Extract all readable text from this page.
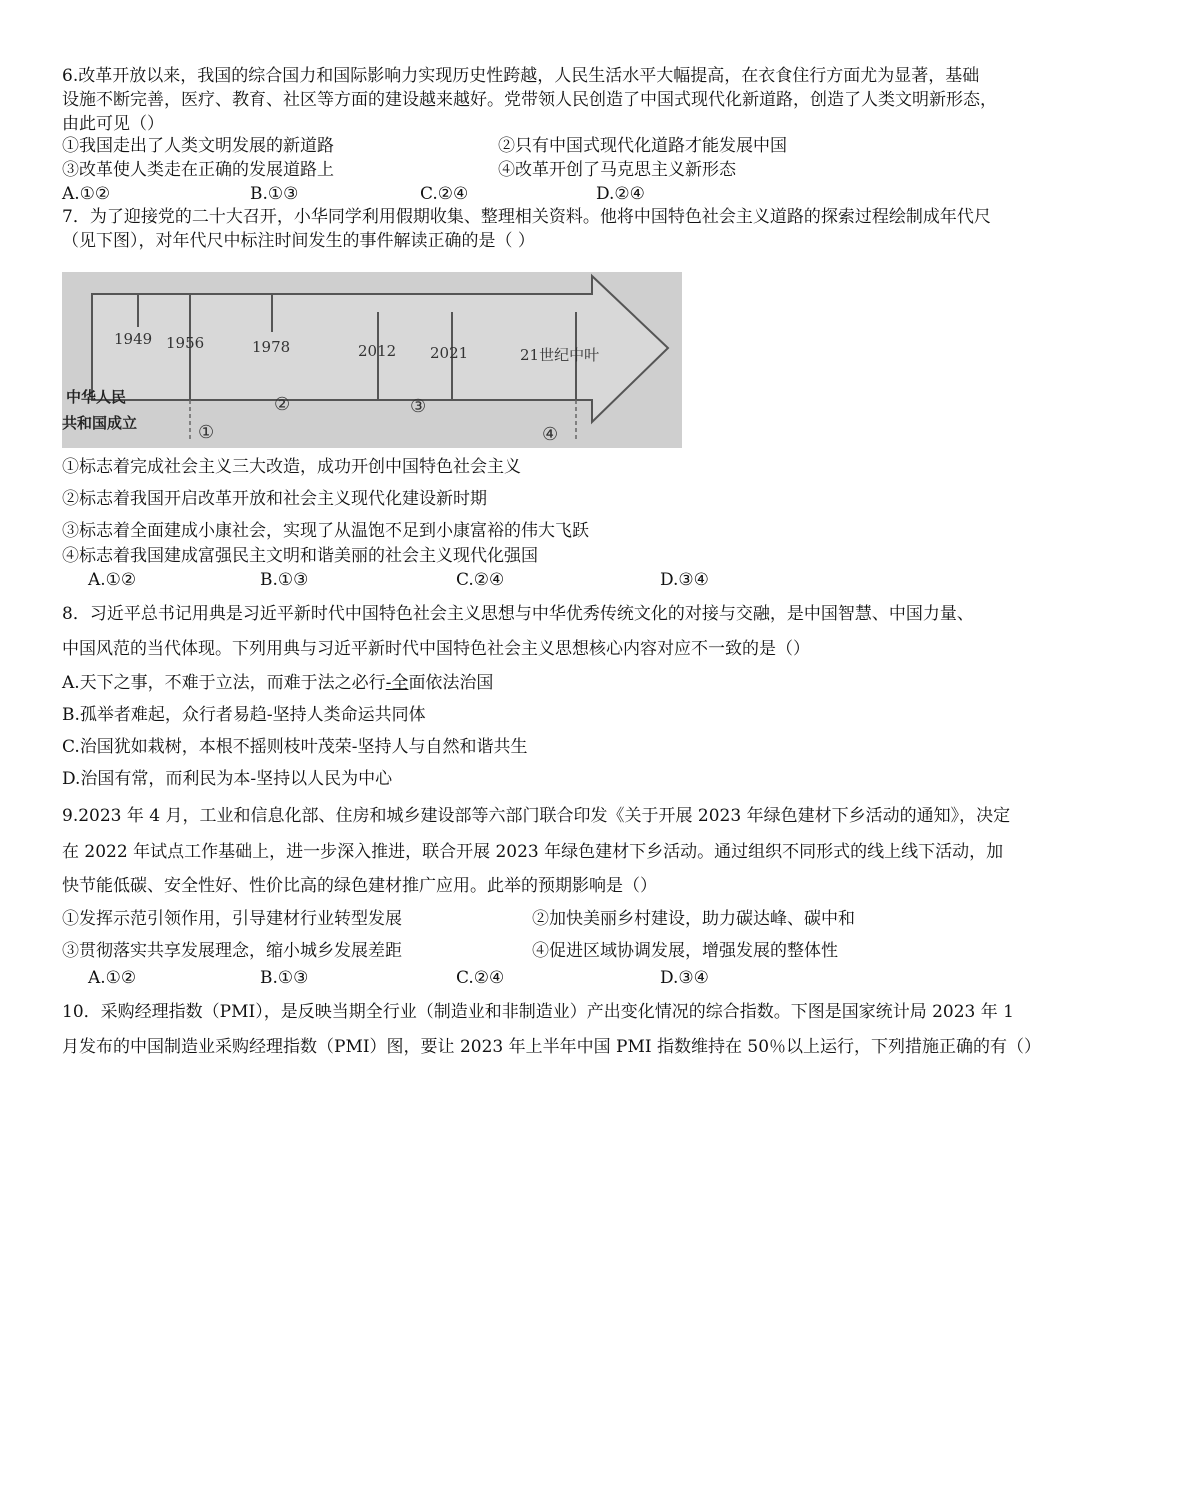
6.改革开放以来，我国的综合国力和国际影响力实现历史性跨越，人民生活水平大幅提高，在衣食住行方面尤为显著，基础
设施不断完善，医疗、教育、社区等方面的建设越来越好。党带领人民创造了中国式现代化新道路，创造了人类文明新形态，
由此可见（）
①我国走出了人类文明发展的新道路	②只有中国式现代化道路才能发展中国
③改革使人类走在正确的发展道路上	④改革开创了马克思主义新形态
A.①②	B.①③	C.②④	D.②④
7．为了迎接党的二十大召开，小华同学利用假期收集、整理相关资料。他将中国特色社会主义道路的探索过程绘制成年代尺
（见下图），对年代尺中标注时间发生的事件解读正确的是（ ）
1949 1956	1978	2012 2021	21世纪中叶
①
②	③
④
中华人民
共和国成立
①标志着完成社会主义三大改造，成功开创中国特色社会主义
②标志着我国开启改革开放和社会主义现代化建设新时期
③标志着全面建成小康社会，实现了从温饱不足到小康富裕的伟大飞跃
④标志着我国建成富强民主文明和谐美丽的社会主义现代化强国
A.①②	B.①③	C.②④	D.③④
8．习近平总书记用典是习近平新时代中国特色社会主义思想与中华优秀传统文化的对接与交融，是中国智慧、中国力量、
中国风范的当代体现。下列用典与习近平新时代中国特色社会主义思想核心内容对应不一致的是（）
A.天下之事，不难于立法，而难于法之必行-全面依法治国
B.孤举者难起，众行者易趋-坚持人类命运共同体
C.治国犹如栽树，本根不摇则枝叶茂荣-坚持人与自然和谐共生
D.治国有常，而利民为本-坚持以人民为中心
9.2023 年 4 月，工业和信息化部、住房和城乡建设部等六部门联合印发《关于开展 2023 年绿色建材下乡活动的通知》，决定
在 2022 年试点工作基础上，进一步深入推进，联合开展 2023 年绿色建材下乡活动。通过组织不同形式的线上线下活动，加
快节能低碳、安全性好、性价比高的绿色建材推广应用。此举的预期影响是（）
①发挥示范引领作用，引导建材行业转型发展	②加快美丽乡村建设，助力碳达峰、碳中和
③贯彻落实共享发展理念，缩小城乡发展差距	④促进区域协调发展，增强发展的整体性
A.①②	B.①③	C.②④	D.③④
10．采购经理指数（PMI），是反映当期全行业（制造业和非制造业）产出变化情况的综合指数。下图是国家统计局 2023 年 1
月发布的中国制造业采购经理指数（PMI）图，要让 2023 年上半年中国 PMI 指数维持在 50％以上运行，下列措施正确的有（）
